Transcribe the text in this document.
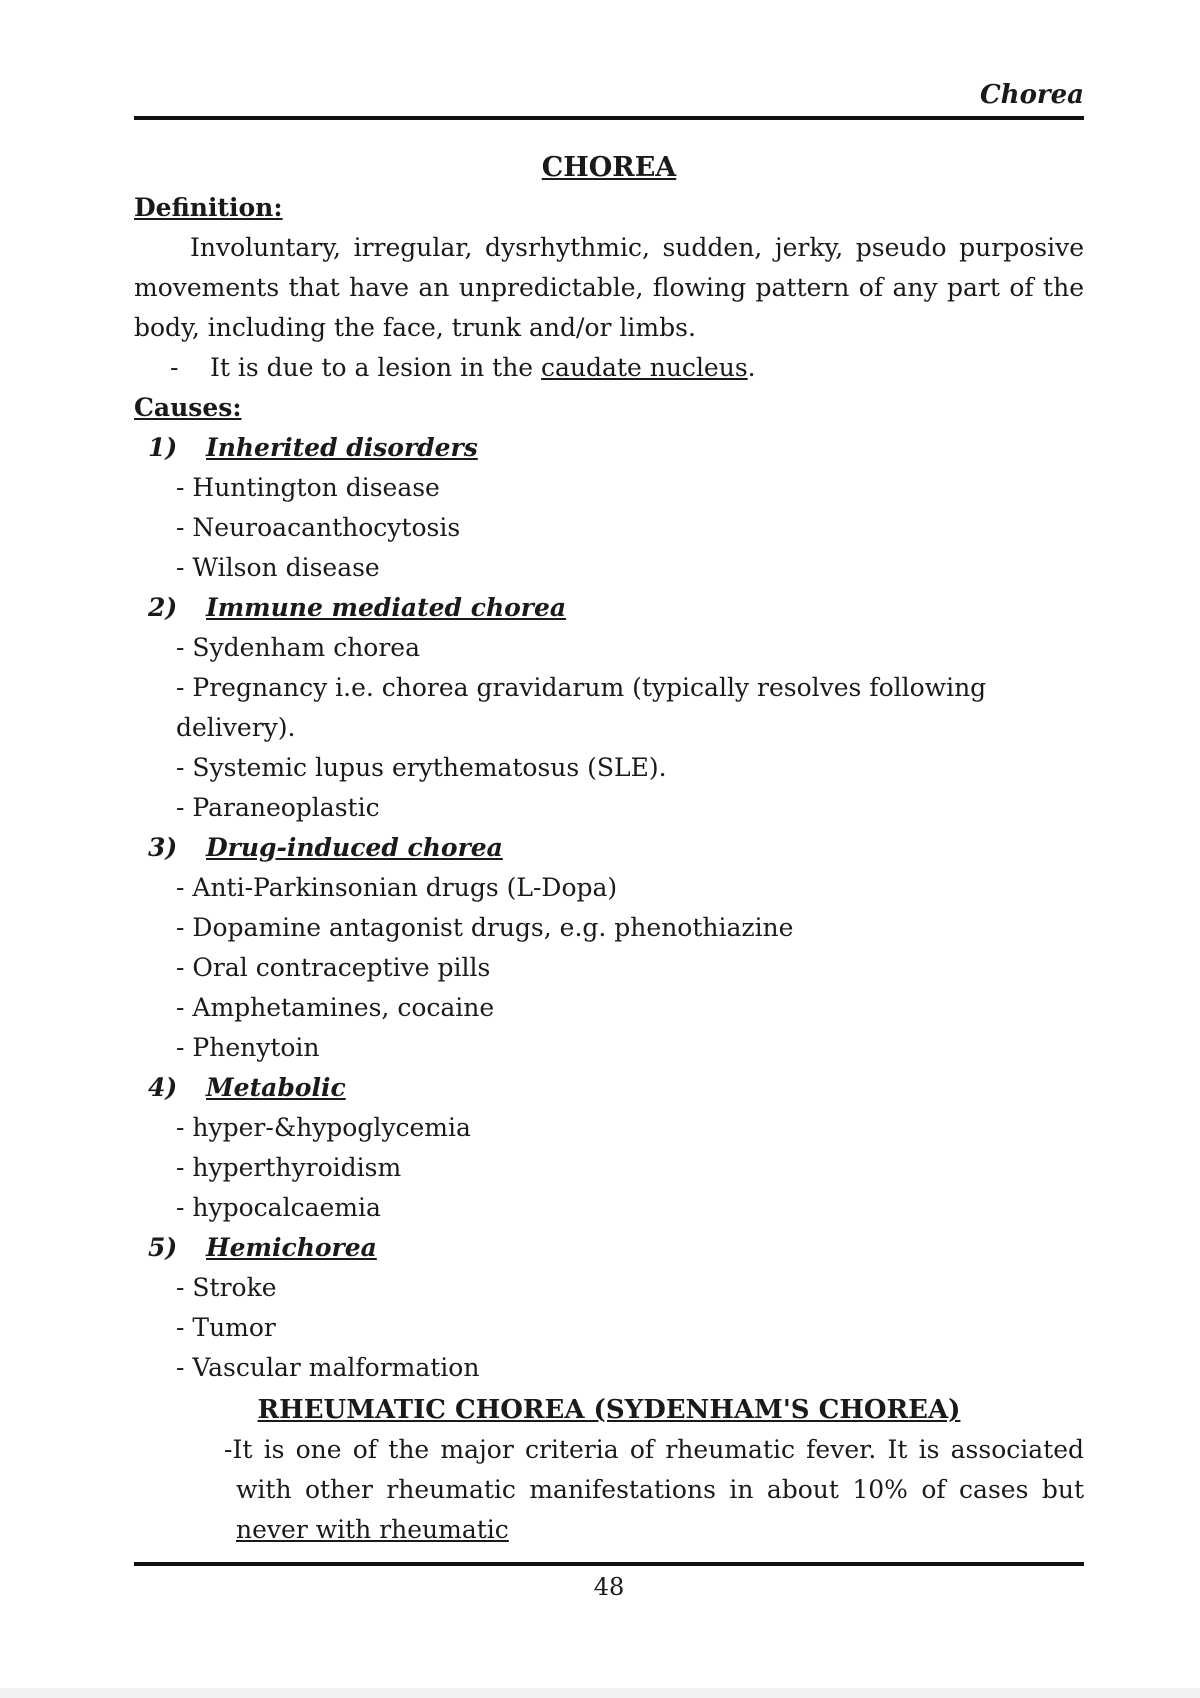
Chorea
CHOREA
Definition:

Involuntary, irregular, dysrhythmic, sudden, jerky, pseudo purposive movements that have an unpredictable, flowing pattern of any part of the body, including the face, trunk and/or limbs.

- It is due to a lesion in the caudate nucleus.

Causes:
1) Inherited disorders
- Huntington disease
- Neuroacanthocytosis
- Wilson disease
2) Immune mediated chorea
- Sydenham chorea
- Pregnancy i.e. chorea gravidarum (typically resolves following delivery).
- Systemic lupus erythematosus (SLE).
- Paraneoplastic
3) Drug-induced chorea
- Anti-Parkinsonian drugs (L-Dopa)
- Dopamine antagonist drugs, e.g. phenothiazine
- Oral contraceptive pills
- Amphetamines, cocaine
- Phenytoin
4) Metabolic
- hyper-&hypoglycemia
- hyperthyroidism
- hypocalcaemia
5) Hemichorea
- Stroke
- Tumor
- Vascular malformation
RHEUMATIC CHOREA (SYDENHAM'S CHOREA)

-It is one of the major criteria of rheumatic fever. It is associated with other rheumatic manifestations in about 10% of cases but never with rheumatic

48
